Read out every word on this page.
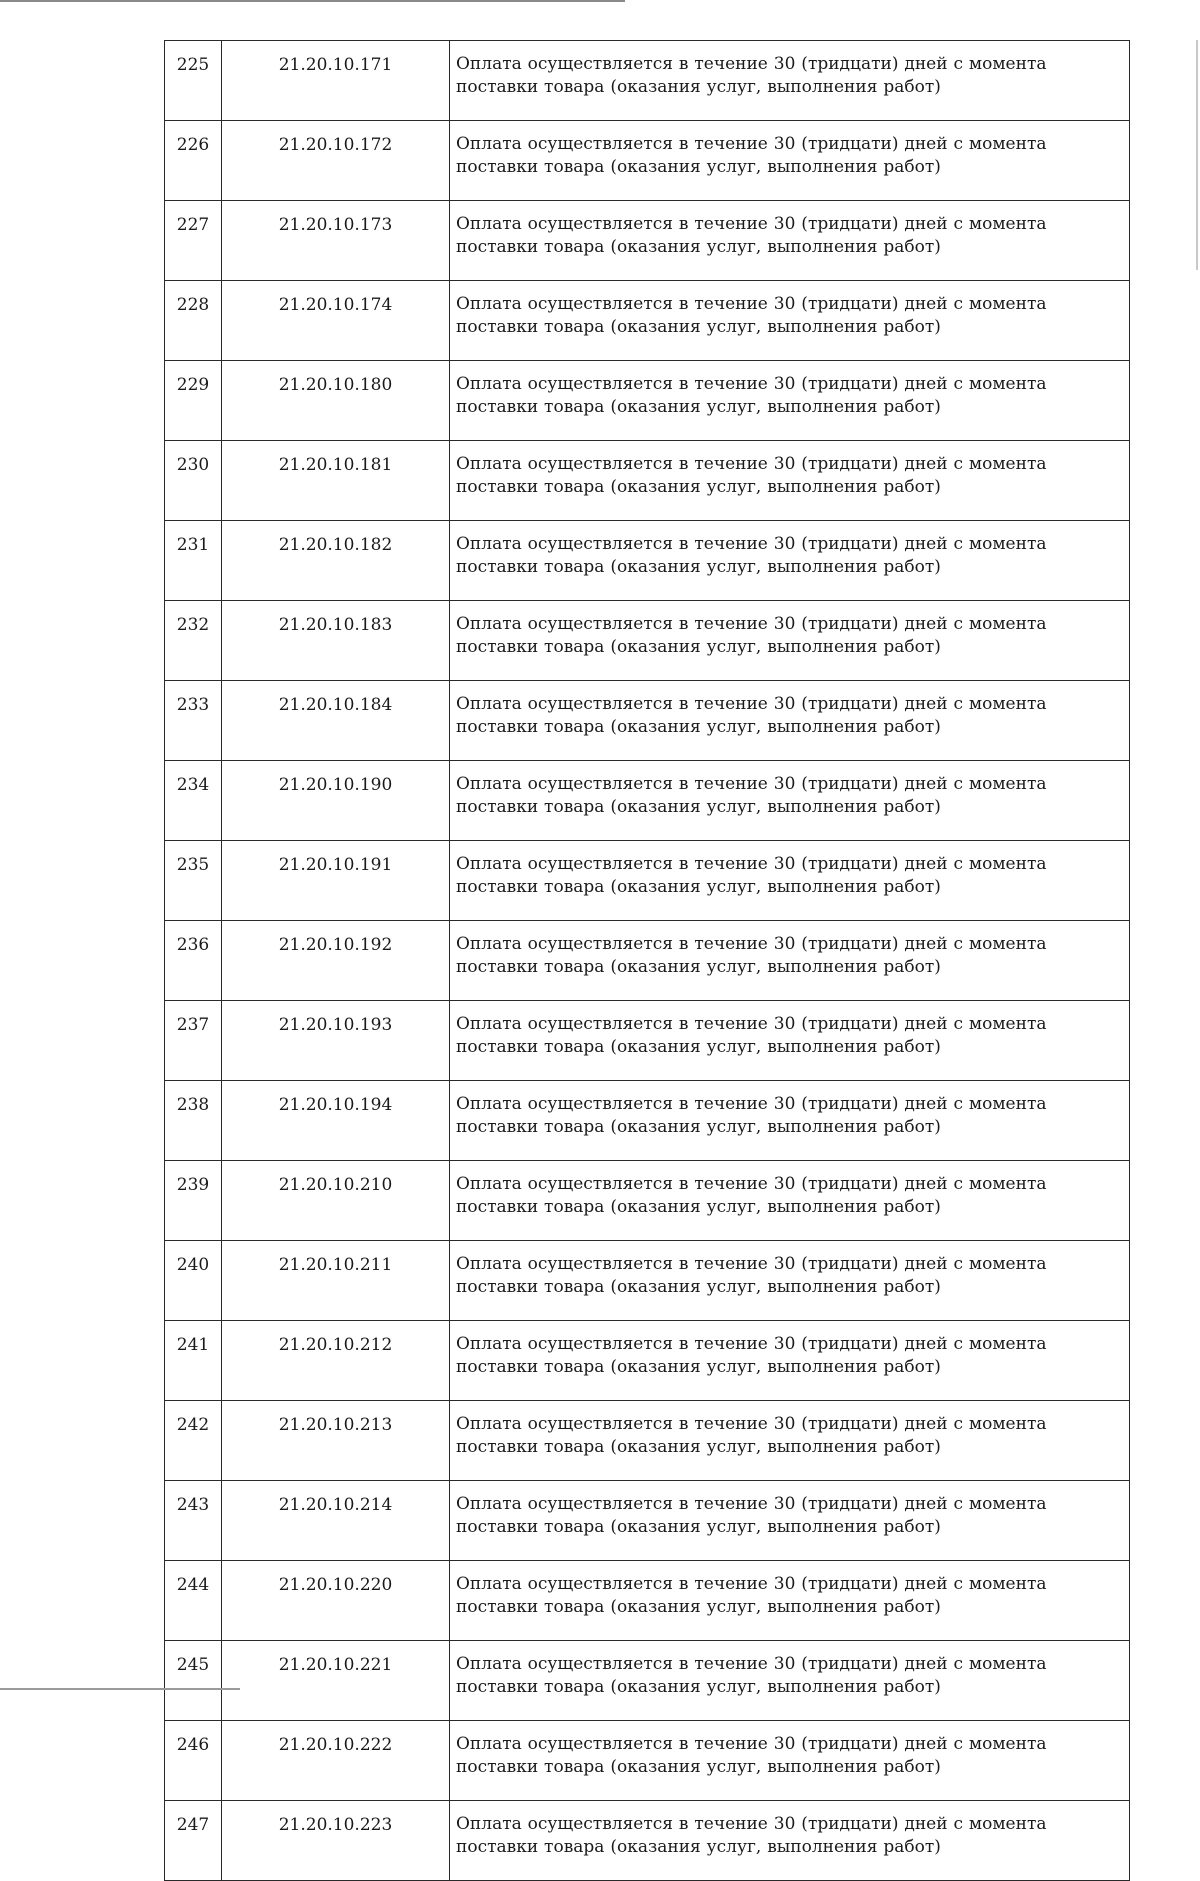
225	21.20.10.171	Оплата осуществляется в течение 30 (тридцати) дней с момента поставки товара (оказания услуг, выполнения работ)
226	21.20.10.172	Оплата осуществляется в течение 30 (тридцати) дней с момента поставки товара (оказания услуг, выполнения работ)
227	21.20.10.173	Оплата осуществляется в течение 30 (тридцати) дней с момента поставки товара (оказания услуг, выполнения работ)
228	21.20.10.174	Оплата осуществляется в течение 30 (тридцати) дней с момента поставки товара (оказания услуг, выполнения работ)
229	21.20.10.180	Оплата осуществляется в течение 30 (тридцати) дней с момента поставки товара (оказания услуг, выполнения работ)
230	21.20.10.181	Оплата осуществляется в течение 30 (тридцати) дней с момента поставки товара (оказания услуг, выполнения работ)
231	21.20.10.182	Оплата осуществляется в течение 30 (тридцати) дней с момента поставки товара (оказания услуг, выполнения работ)
232	21.20.10.183	Оплата осуществляется в течение 30 (тридцати) дней с момента поставки товара (оказания услуг, выполнения работ)
233	21.20.10.184	Оплата осуществляется в течение 30 (тридцати) дней с момента поставки товара (оказания услуг, выполнения работ)
234	21.20.10.190	Оплата осуществляется в течение 30 (тридцати) дней с момента поставки товара (оказания услуг, выполнения работ)
235	21.20.10.191	Оплата осуществляется в течение 30 (тридцати) дней с момента поставки товара (оказания услуг, выполнения работ)
236	21.20.10.192	Оплата осуществляется в течение 30 (тридцати) дней с момента поставки товара (оказания услуг, выполнения работ)
237	21.20.10.193	Оплата осуществляется в течение 30 (тридцати) дней с момента поставки товара (оказания услуг, выполнения работ)
238	21.20.10.194	Оплата осуществляется в течение 30 (тридцати) дней с момента поставки товара (оказания услуг, выполнения работ)
239	21.20.10.210	Оплата осуществляется в течение 30 (тридцати) дней с момента поставки товара (оказания услуг, выполнения работ)
240	21.20.10.211	Оплата осуществляется в течение 30 (тридцати) дней с момента поставки товара (оказания услуг, выполнения работ)
241	21.20.10.212	Оплата осуществляется в течение 30 (тридцати) дней с момента поставки товара (оказания услуг, выполнения работ)
242	21.20.10.213	Оплата осуществляется в течение 30 (тридцати) дней с момента поставки товара (оказания услуг, выполнения работ)
243	21.20.10.214	Оплата осуществляется в течение 30 (тридцати) дней с момента поставки товара (оказания услуг, выполнения работ)
244	21.20.10.220	Оплата осуществляется в течение 30 (тридцати) дней с момента поставки товара (оказания услуг, выполнения работ)
245	21.20.10.221	Оплата осуществляется в течение 30 (тридцати) дней с момента поставки товара (оказания услуг, выполнения работ)
246	21.20.10.222	Оплата осуществляется в течение 30 (тридцати) дней с момента поставки товара (оказания услуг, выполнения работ)
247	21.20.10.223	Оплата осуществляется в течение 30 (тридцати) дней с момента поставки товара (оказания услуг, выполнения работ)
